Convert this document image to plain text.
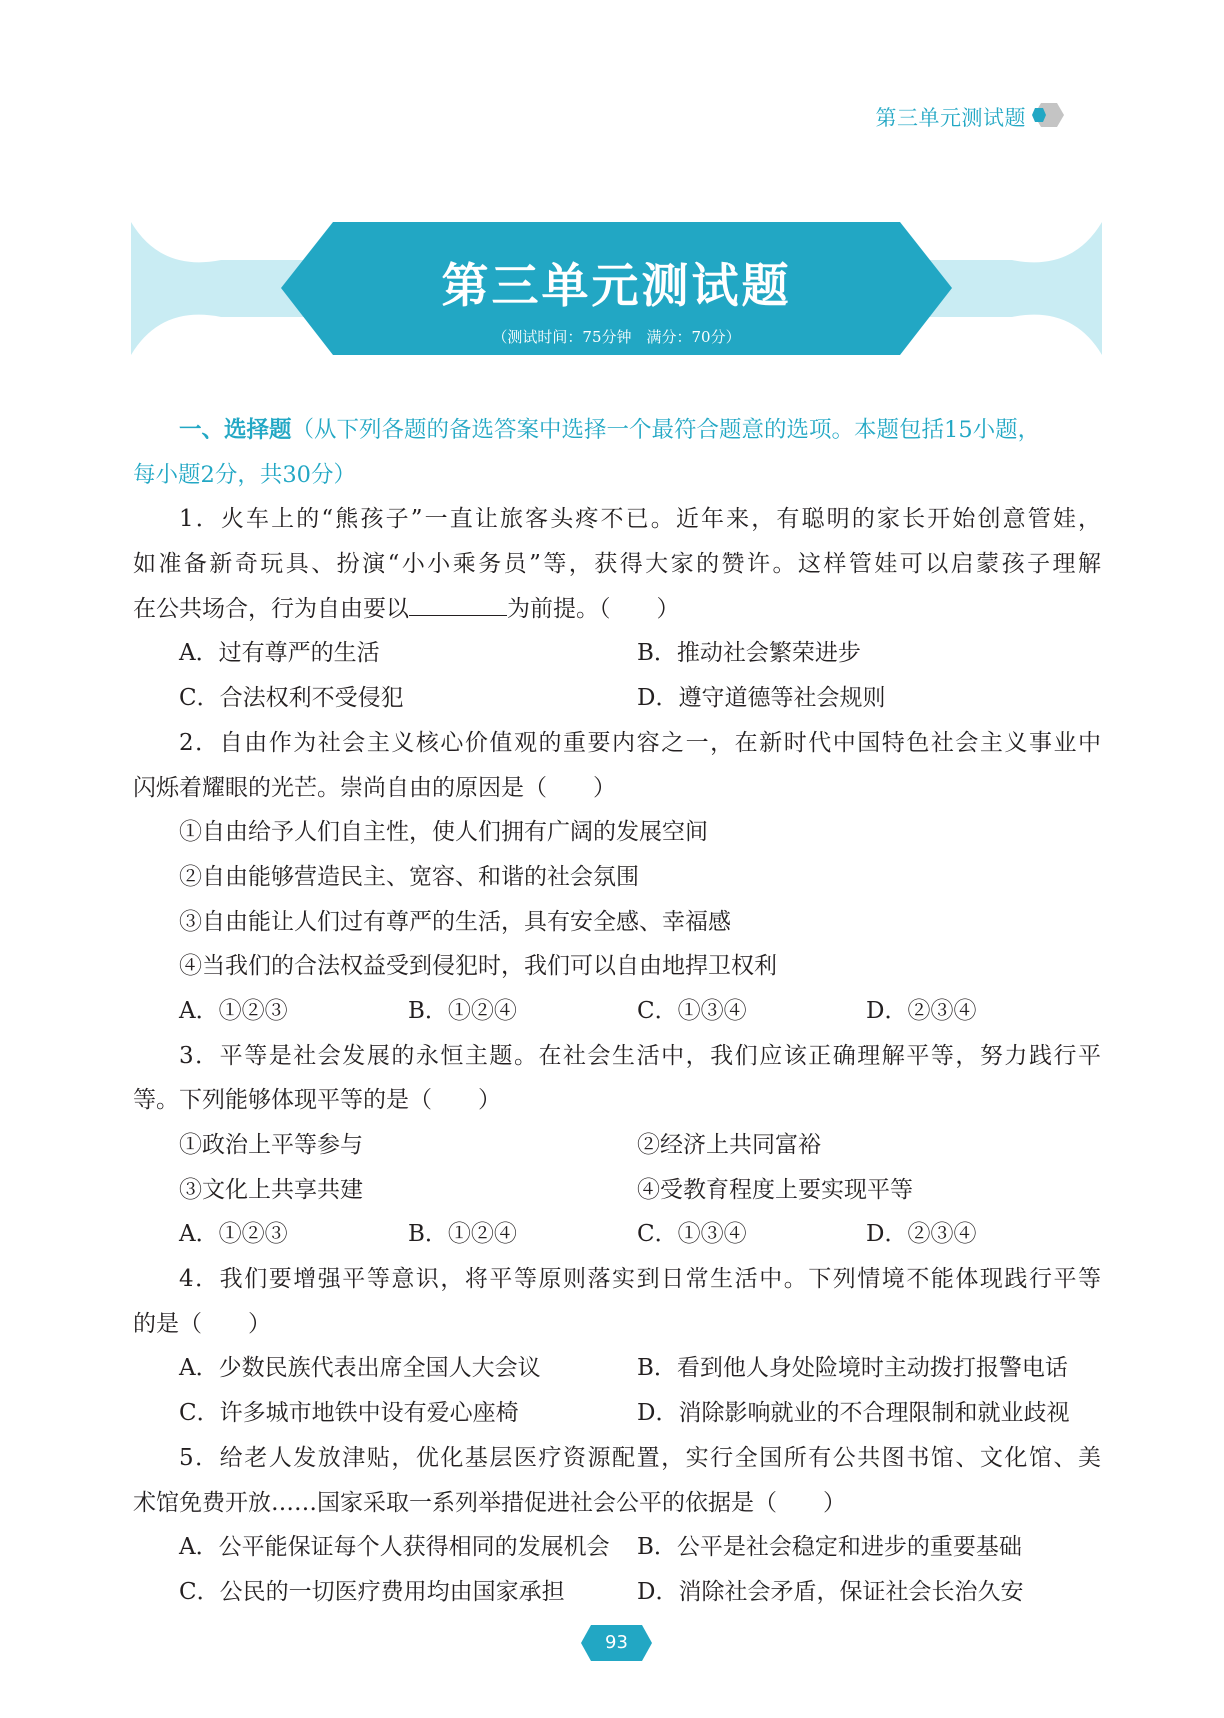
第三单元测试题
第三单元测试题
（测试时间：75分钟　满分：70分）
一、选择题（从下列各题的备选答案中选择一个最符合题意的选项。本题包括15小题，
每小题2分，共30分）
1．火车上的“熊孩子”一直让旅客头疼不已。近年来，有聪明的家长开始创意管娃，
如准备新奇玩具、扮演“小小乘务员”等，获得大家的赞许。这样管娃可以启蒙孩子理解
在公共场合，行为自由要以	为前提。（　　）
A．过有尊严的生活	B．推动社会繁荣进步
C．合法权利不受侵犯	D．遵守道德等社会规则
2．自由作为社会主义核心价值观的重要内容之一，在新时代中国特色社会主义事业中
闪烁着耀眼的光芒。崇尚自由的原因是（　　）
①自由给予人们自主性，使人们拥有广阔的发展空间
②自由能够营造民主、宽容、和谐的社会氛围
③自由能让人们过有尊严的生活，具有安全感、幸福感
④当我们的合法权益受到侵犯时，我们可以自由地捍卫权利
A．①②③	B．①②④	C．①③④	D．②③④
3．平等是社会发展的永恒主题。在社会生活中，我们应该正确理解平等，努力践行平
等。下列能够体现平等的是（　　）
①政治上平等参与	②经济上共同富裕
③文化上共享共建	④受教育程度上要实现平等
A．①②③	B．①②④	C．①③④	D．②③④
4．我们要增强平等意识，将平等原则落实到日常生活中。下列情境不能体现践行平等
的是（　　）
A．少数民族代表出席全国人大会议	B．看到他人身处险境时主动拨打报警电话
C．许多城市地铁中设有爱心座椅	D．消除影响就业的不合理限制和就业歧视
5．给老人发放津贴，优化基层医疗资源配置，实行全国所有公共图书馆、文化馆、美
术馆免费开放……国家采取一系列举措促进社会公平的依据是（　　）
A．公平能保证每个人获得相同的发展机会	B．公平是社会稳定和进步的重要基础
C．公民的一切医疗费用均由国家承担	D．消除社会矛盾，保证社会长治久安
93
